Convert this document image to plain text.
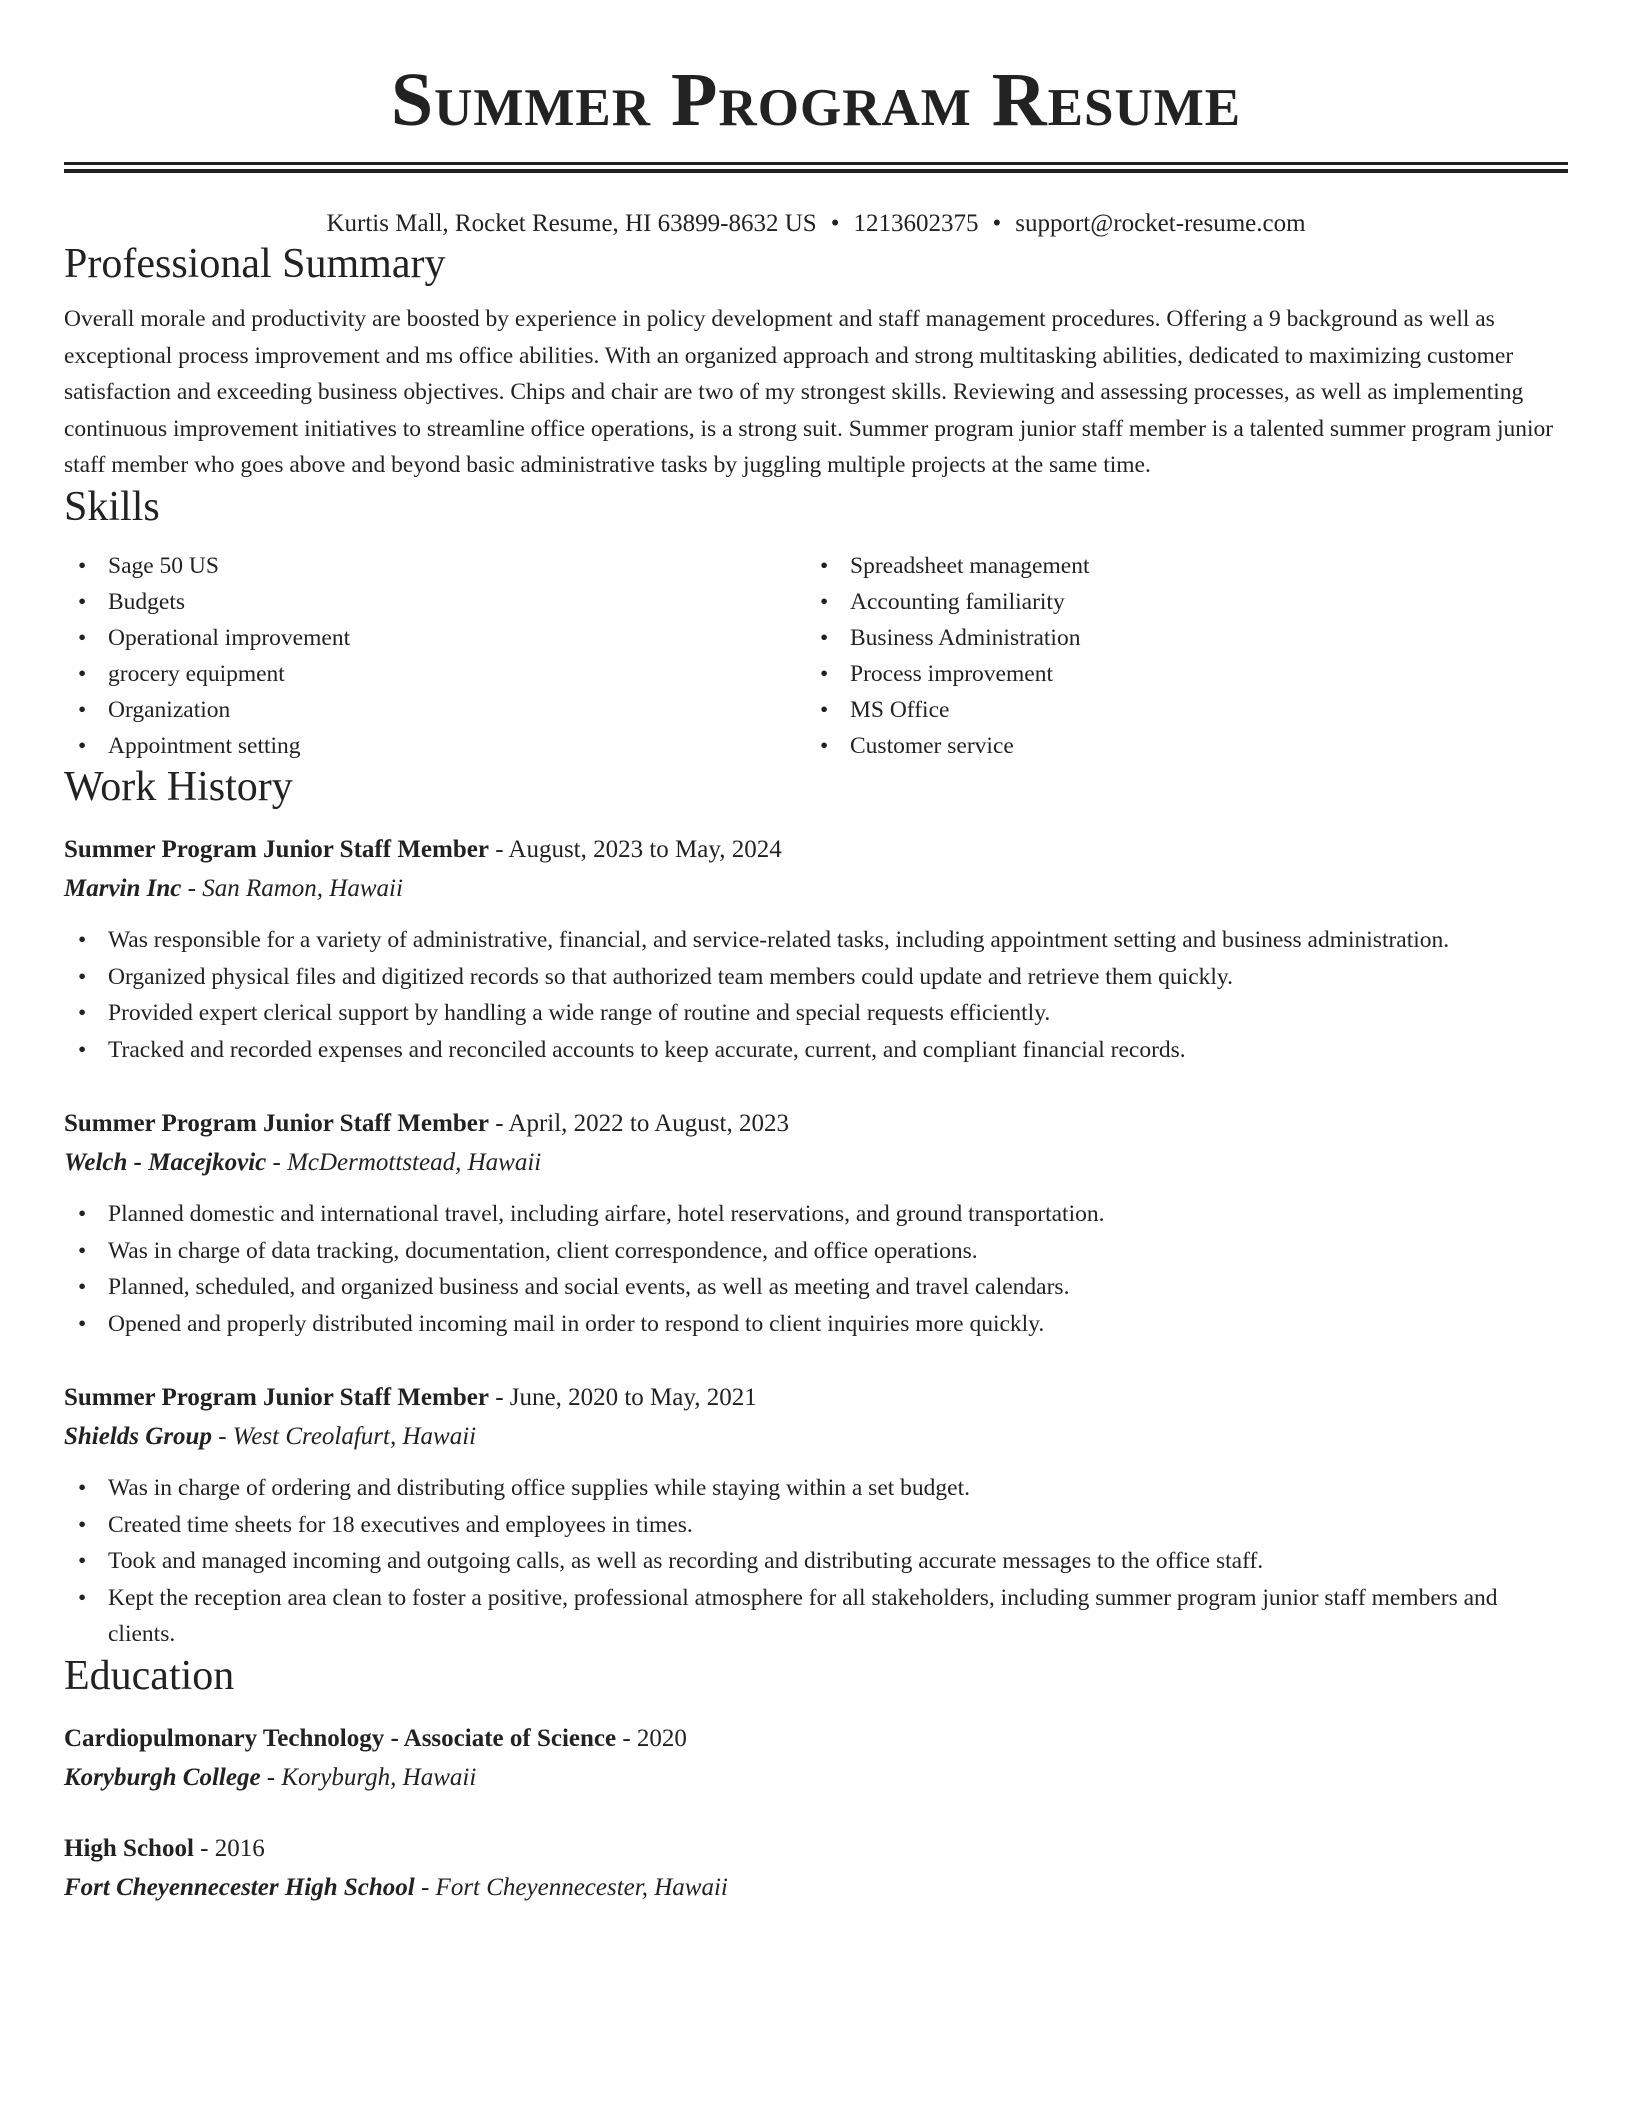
Summer Program Resume
Kurtis Mall, Rocket Resume, HI 63899-8632 US • 1213602375 • support@rocket-resume.com
Professional Summary

Overall morale and productivity are boosted by experience in policy development and staff management procedures. Offering a 9 background as well as exceptional process improvement and ms office abilities. With an organized approach and strong multitasking abilities, dedicated to maximizing customer satisfaction and exceeding business objectives. Chips and chair are two of my strongest skills. Reviewing and assessing processes, as well as implementing continuous improvement initiatives to streamline office operations, is a strong suit. Summer program junior staff member is a talented summer program junior staff member who goes above and beyond basic administrative tasks by juggling multiple projects at the same time.

Skills
• Sage 50 US
• Budgets
• Operational improvement
• grocery equipment
• Organization
• Appointment setting
• Spreadsheet management
• Accounting familiarity
• Business Administration
• Process improvement
• MS Office
• Customer service
Work History
Summer Program Junior Staff Member - August, 2023 to May, 2024
Marvin Inc - San Ramon, Hawaii
• Was responsible for a variety of administrative, financial, and service-related tasks, including appointment setting and business administration.
• Organized physical files and digitized records so that authorized team members could update and retrieve them quickly.
• Provided expert clerical support by handling a wide range of routine and special requests efficiently.
• Tracked and recorded expenses and reconciled accounts to keep accurate, current, and compliant financial records.
Summer Program Junior Staff Member - April, 2022 to August, 2023
Welch - Macejkovic - McDermottstead, Hawaii
• Planned domestic and international travel, including airfare, hotel reservations, and ground transportation.
• Was in charge of data tracking, documentation, client correspondence, and office operations.
• Planned, scheduled, and organized business and social events, as well as meeting and travel calendars.
• Opened and properly distributed incoming mail in order to respond to client inquiries more quickly.
Summer Program Junior Staff Member - June, 2020 to May, 2021
Shields Group - West Creolafurt, Hawaii
• Was in charge of ordering and distributing office supplies while staying within a set budget.
• Created time sheets for 18 executives and employees in times.
• Took and managed incoming and outgoing calls, as well as recording and distributing accurate messages to the office staff.
• Kept the reception area clean to foster a positive, professional atmosphere for all stakeholders, including summer program junior staff members and clients.
Education
Cardiopulmonary Technology - Associate of Science - 2020
Koryburgh College - Koryburgh, Hawaii
High School - 2016
Fort Cheyennecester High School - Fort Cheyennecester, Hawaii
